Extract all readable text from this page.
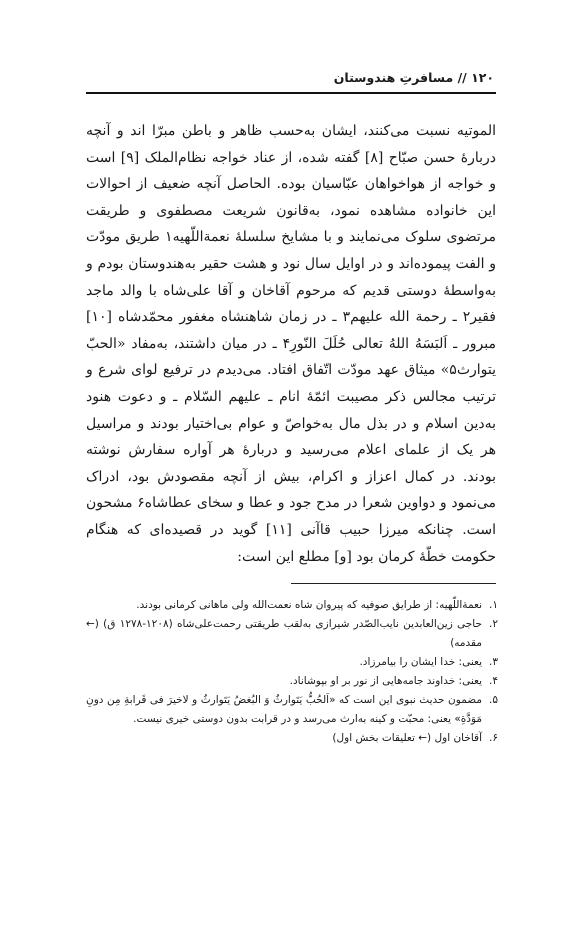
۱۲۰ // مسافرتِ هندوستان

الموتیه نسبت می‌کنند، ایشان به‌حسب ظاهر و باطن مبرّا اند و آنچه دربارهٔ حسن صبّاح [۸] گفته شده، از عناد خواجه نظام‌الملک [۹] است و خواجه از هواخواهان عبّاسیان بوده. الحاصل آنچه ضعیف از احوالات این خانواده مشاهده نمود، به‌قانون شریعت مصطفوی و طریقت مرتضوی سلوک می‌نمایند و با مشایخ سلسلهٔ نعمةاللّهیه۱ طریق مودّت و الفت پیموده‌اند و در اوایل سال نود و هشت حقیر به‌هندوستان بودم و به‌واسطهٔ دوستی قدیم که مرحوم آقاخان و آقا علی‌شاه با والد ماجد فقیر۲ ـ رحمة الله علیهم۳ ـ در زمان شاهنشاه مغفور محمّدشاه [۱۰] مبرور ـ اَلبَسَهُ اللهُ تعالی حُلَلَ النّورِ۴ ـ در میان داشتند، به‌مفاد «الحبّ یتوارث۵» میثاق عهد مودّت اتّفاق افتاد. می‌دیدم در ترفیع لوای شرع و ترتیب مجالس ذکر مصیبت ائمّهٔ انام ـ علیهم السّلام ـ و دعوت هنود به‌دین اسلام و در بذل مال به‌خواصّ و عوام بی‌اختیار بودند و مراسیل هر یک از علمای اعلام می‌رسید و دربارهٔ هر آواره سفارش نوشته بودند. در کمال اعزاز و اکرام، بیش از آنچه مقصودش بود، ادراک می‌نمود و دواوین شعرا در مدح جود و عطا و سخای عطاشاه۶ مشحون است. چنانکه میرزا حبیب قاآنی [۱۱] گوید در قصیده‌ای که هنگام حکومت خطّهٔ کرمان بود [و] مطلع این است:

۱.
نعمةاللّهیه: از طرایق صوفیه که پیروان شاه نعمت‌الله ولی ماهانی کرمانی بودند.
۲.
حاجی زین‌العابدین نایب‌الصّدر شیرازی به‌لقب طریقتی رحمت‌علی‌شاه (۱۲۰۸-۱۲۷۸ ق) (← مقدمه)
۳.
یعنی: خدا ایشان را بیامرزاد.
۴.
یعنی: خداوند جامه‌هایی از نور بر او بپوشاناد.
۵.
مضمون حدیث نبوی این است که «اَلحُبُّ یَتَوارثُ وَ البُغضُ یَتَوارثُ و لاخیرَ فی قَرابةِ مِن دونِ مَوَدَّةِ» یعنی: محبّت و کینه به‌ارث می‌رسد و در قرابت بدون دوستی خیری نیست.
۶.
آقاخان اول (← تعلیقات بخش اول)
